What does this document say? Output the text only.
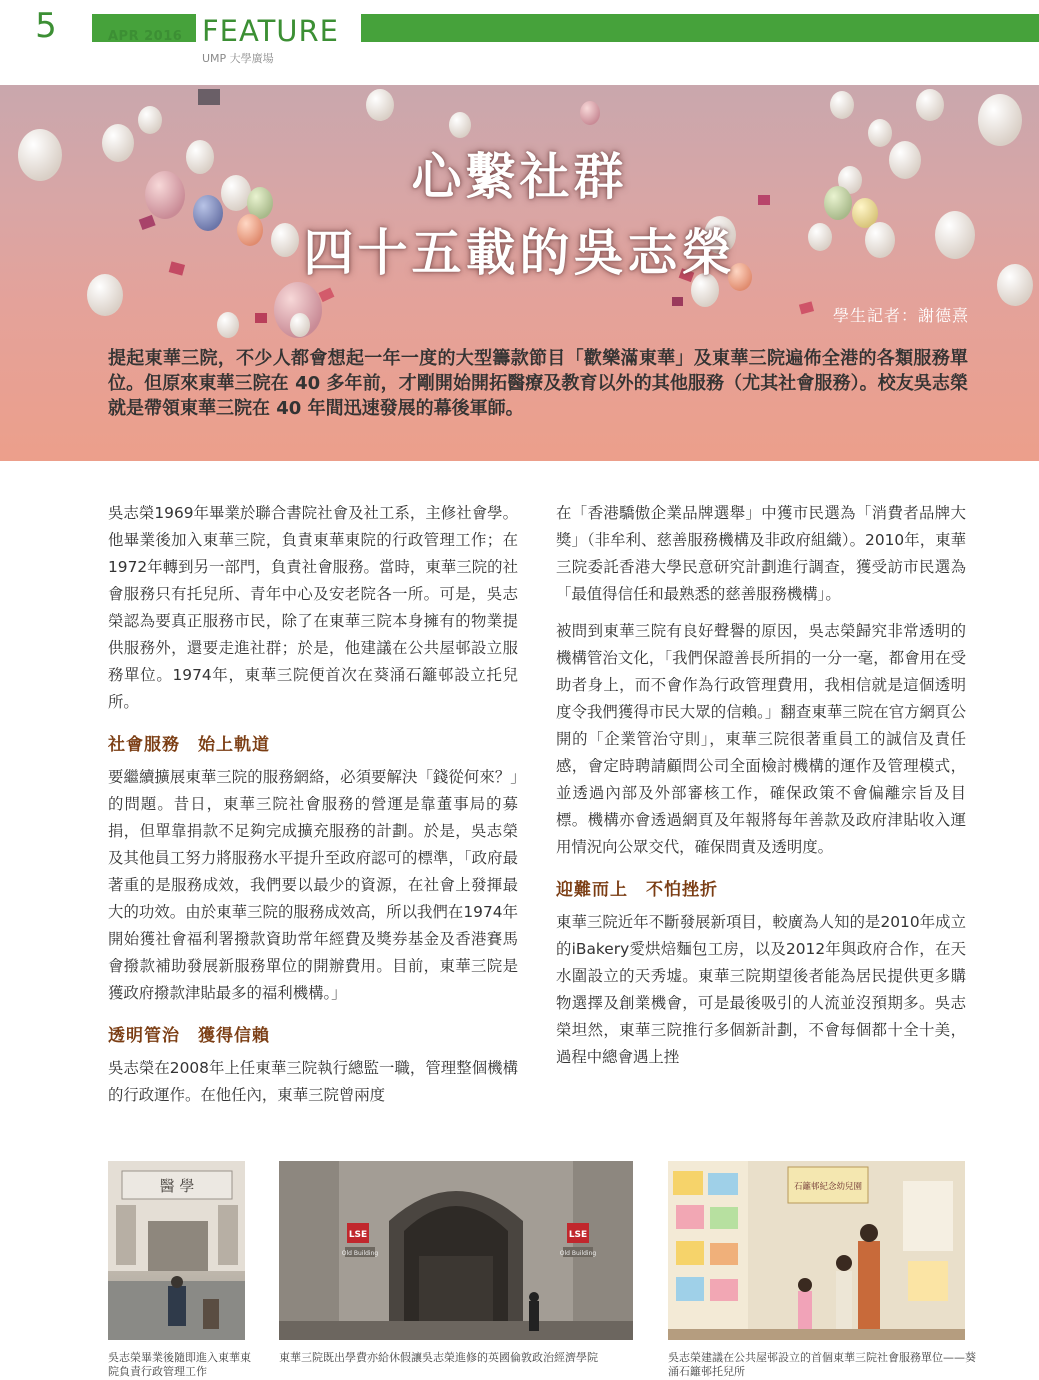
5	APR 2016 FEATURE
UMP 大學廣場
心繫社群
四十五載的吳志榮
學生記者：謝德熹
提起東華三院，不少人都會想起一年一度的大型籌款節目「歡樂滿東華」及東華三院遍佈全港的各類服務單位。但原來東華三院在 40 多年前，才剛開始開拓醫療及教育以外的其他服務（尤其社會服務）。校友吳志榮就是帶領東華三院在 40 年間迅速發展的幕後軍師。

吳志榮1969年畢業於聯合書院社會及社工系，主修社會學。他畢業後加入東華三院，負責東華東院的行政管理工作；在1972年轉到另一部門，負責社會服務。當時，東華三院的社會服務只有托兒所、青年中心及安老院各一所。可是，吳志榮認為要真正服務市民，除了在東華三院本身擁有的物業提供服務外，還要走進社群；於是，他建議在公共屋邨設立服務單位。1974年，東華三院便首次在葵涌石籬邨設立托兒所。

社會服務　始上軌道

要繼續擴展東華三院的服務網絡，必須要解決「錢從何來？」的問題。昔日，東華三院社會服務的營運是靠董事局的募捐，但單靠捐款不足夠完成擴充服務的計劃。於是，吳志榮及其他員工努力將服務水平提升至政府認可的標準，「政府最著重的是服務成效，我們要以最少的資源，在社會上發揮最大的功效。由於東華三院的服務成效高，所以我們在1974年開始獲社會福利署撥款資助常年經費及獎券基金及香港賽馬會撥款補助發展新服務單位的開辦費用。目前，東華三院是獲政府撥款津貼最多的福利機構。」

透明管治　獲得信賴

吳志榮在2008年上任東華三院執行總監一職，管理整個機構的行政運作。在他任內，東華三院曾兩度

在「香港驕傲企業品牌選舉」中獲市民選為「消費者品牌大獎」（非牟利、慈善服務機構及非政府組織）。2010年，東華三院委託香港大學民意研究計劃進行調查，獲受訪市民選為「最值得信任和最熟悉的慈善服務機構」。

被問到東華三院有良好聲譽的原因，吳志榮歸究非常透明的機構管治文化，「我們保證善長所捐的一分一毫，都會用在受助者身上，而不會作為行政管理費用，我相信就是這個透明度令我們獲得市民大眾的信賴。」翻查東華三院在官方網頁公開的「企業管治守則」，東華三院很著重員工的誠信及責任感，會定時聘請顧問公司全面檢討機構的運作及管理模式，並透過內部及外部審核工作，確保政策不會偏離宗旨及目標。機構亦會透過網頁及年報將每年善款及政府津貼收入運用情況向公眾交代，確保問責及透明度。

迎難而上　不怕挫折

東華三院近年不斷發展新項目，較廣為人知的是2010年成立的iBakery愛烘焙麵包工房，以及2012年與政府合作，在天水圍設立的天秀墟。東華三院期望後者能為居民提供更多購物選擇及創業機會，可是最後吸引的人流並沒預期多。吳志榮坦然，東華三院推行多個新計劃，不會每個都十全十美，過程中總會遇上挫

醫 學
LSE
Old Building
LSE
Old Building
石籬邨紀念幼兒園
吳志榮畢業後隨即進入東華東院負責行政管理工作
東華三院既出學費亦給休假讓吳志榮進修的英國倫敦政治經濟學院	吳志榮建議在公共屋邨設立的首個東華三院社會服務單位——葵涌石籬邨托兒所
